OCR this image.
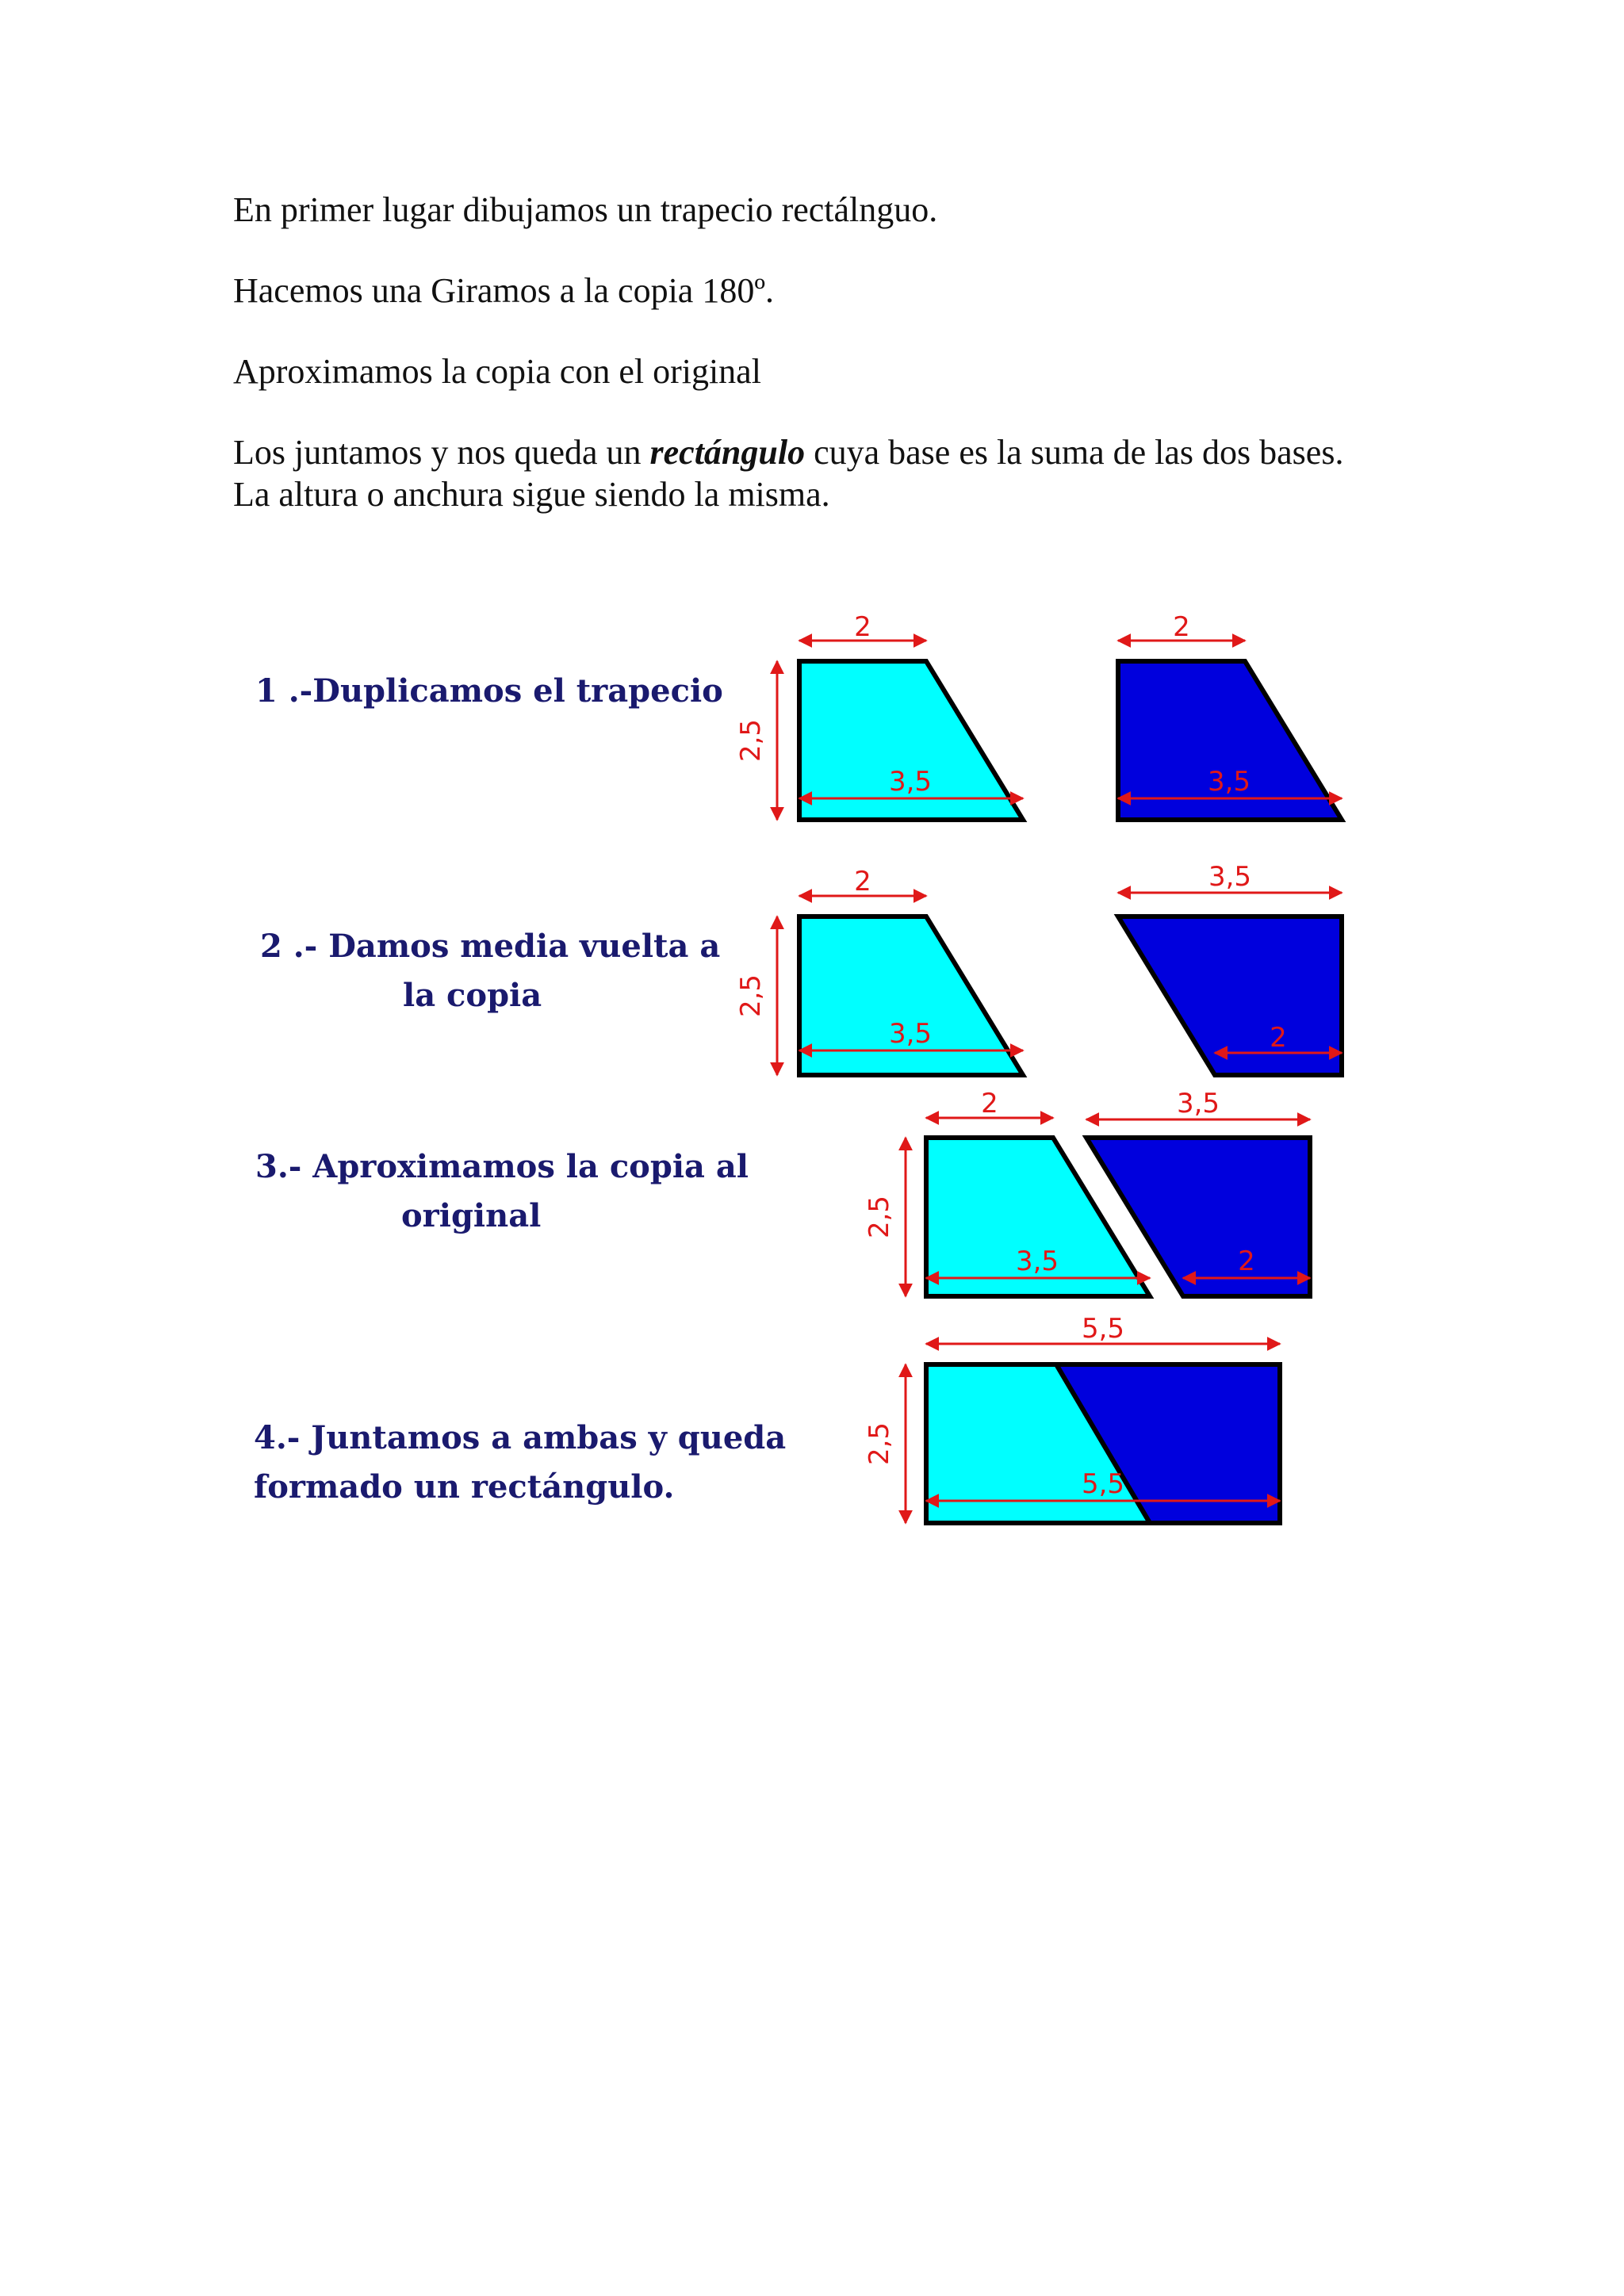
En primer lugar dibujamos un trapecio rectálnguo.

Hacemos una Giramos a la copia 180º.

Aproximamos la copia con el original

Los juntamos y nos queda un rectángulo cuya base es la suma de las dos bases.

La altura o anchura sigue siendo la misma.

1 .-Duplicamos el trapecio
2
2,5
3,5
2
3,5
2 .- Damos media vuelta a
la copia
2
2,5
3,5
3,5
2
3.- Aproximamos la copia al
original
2
2,5
3,5
3,5
2
4.- Juntamos a ambas y queda
formado un rectángulo.
5,5
2,5
5,5
